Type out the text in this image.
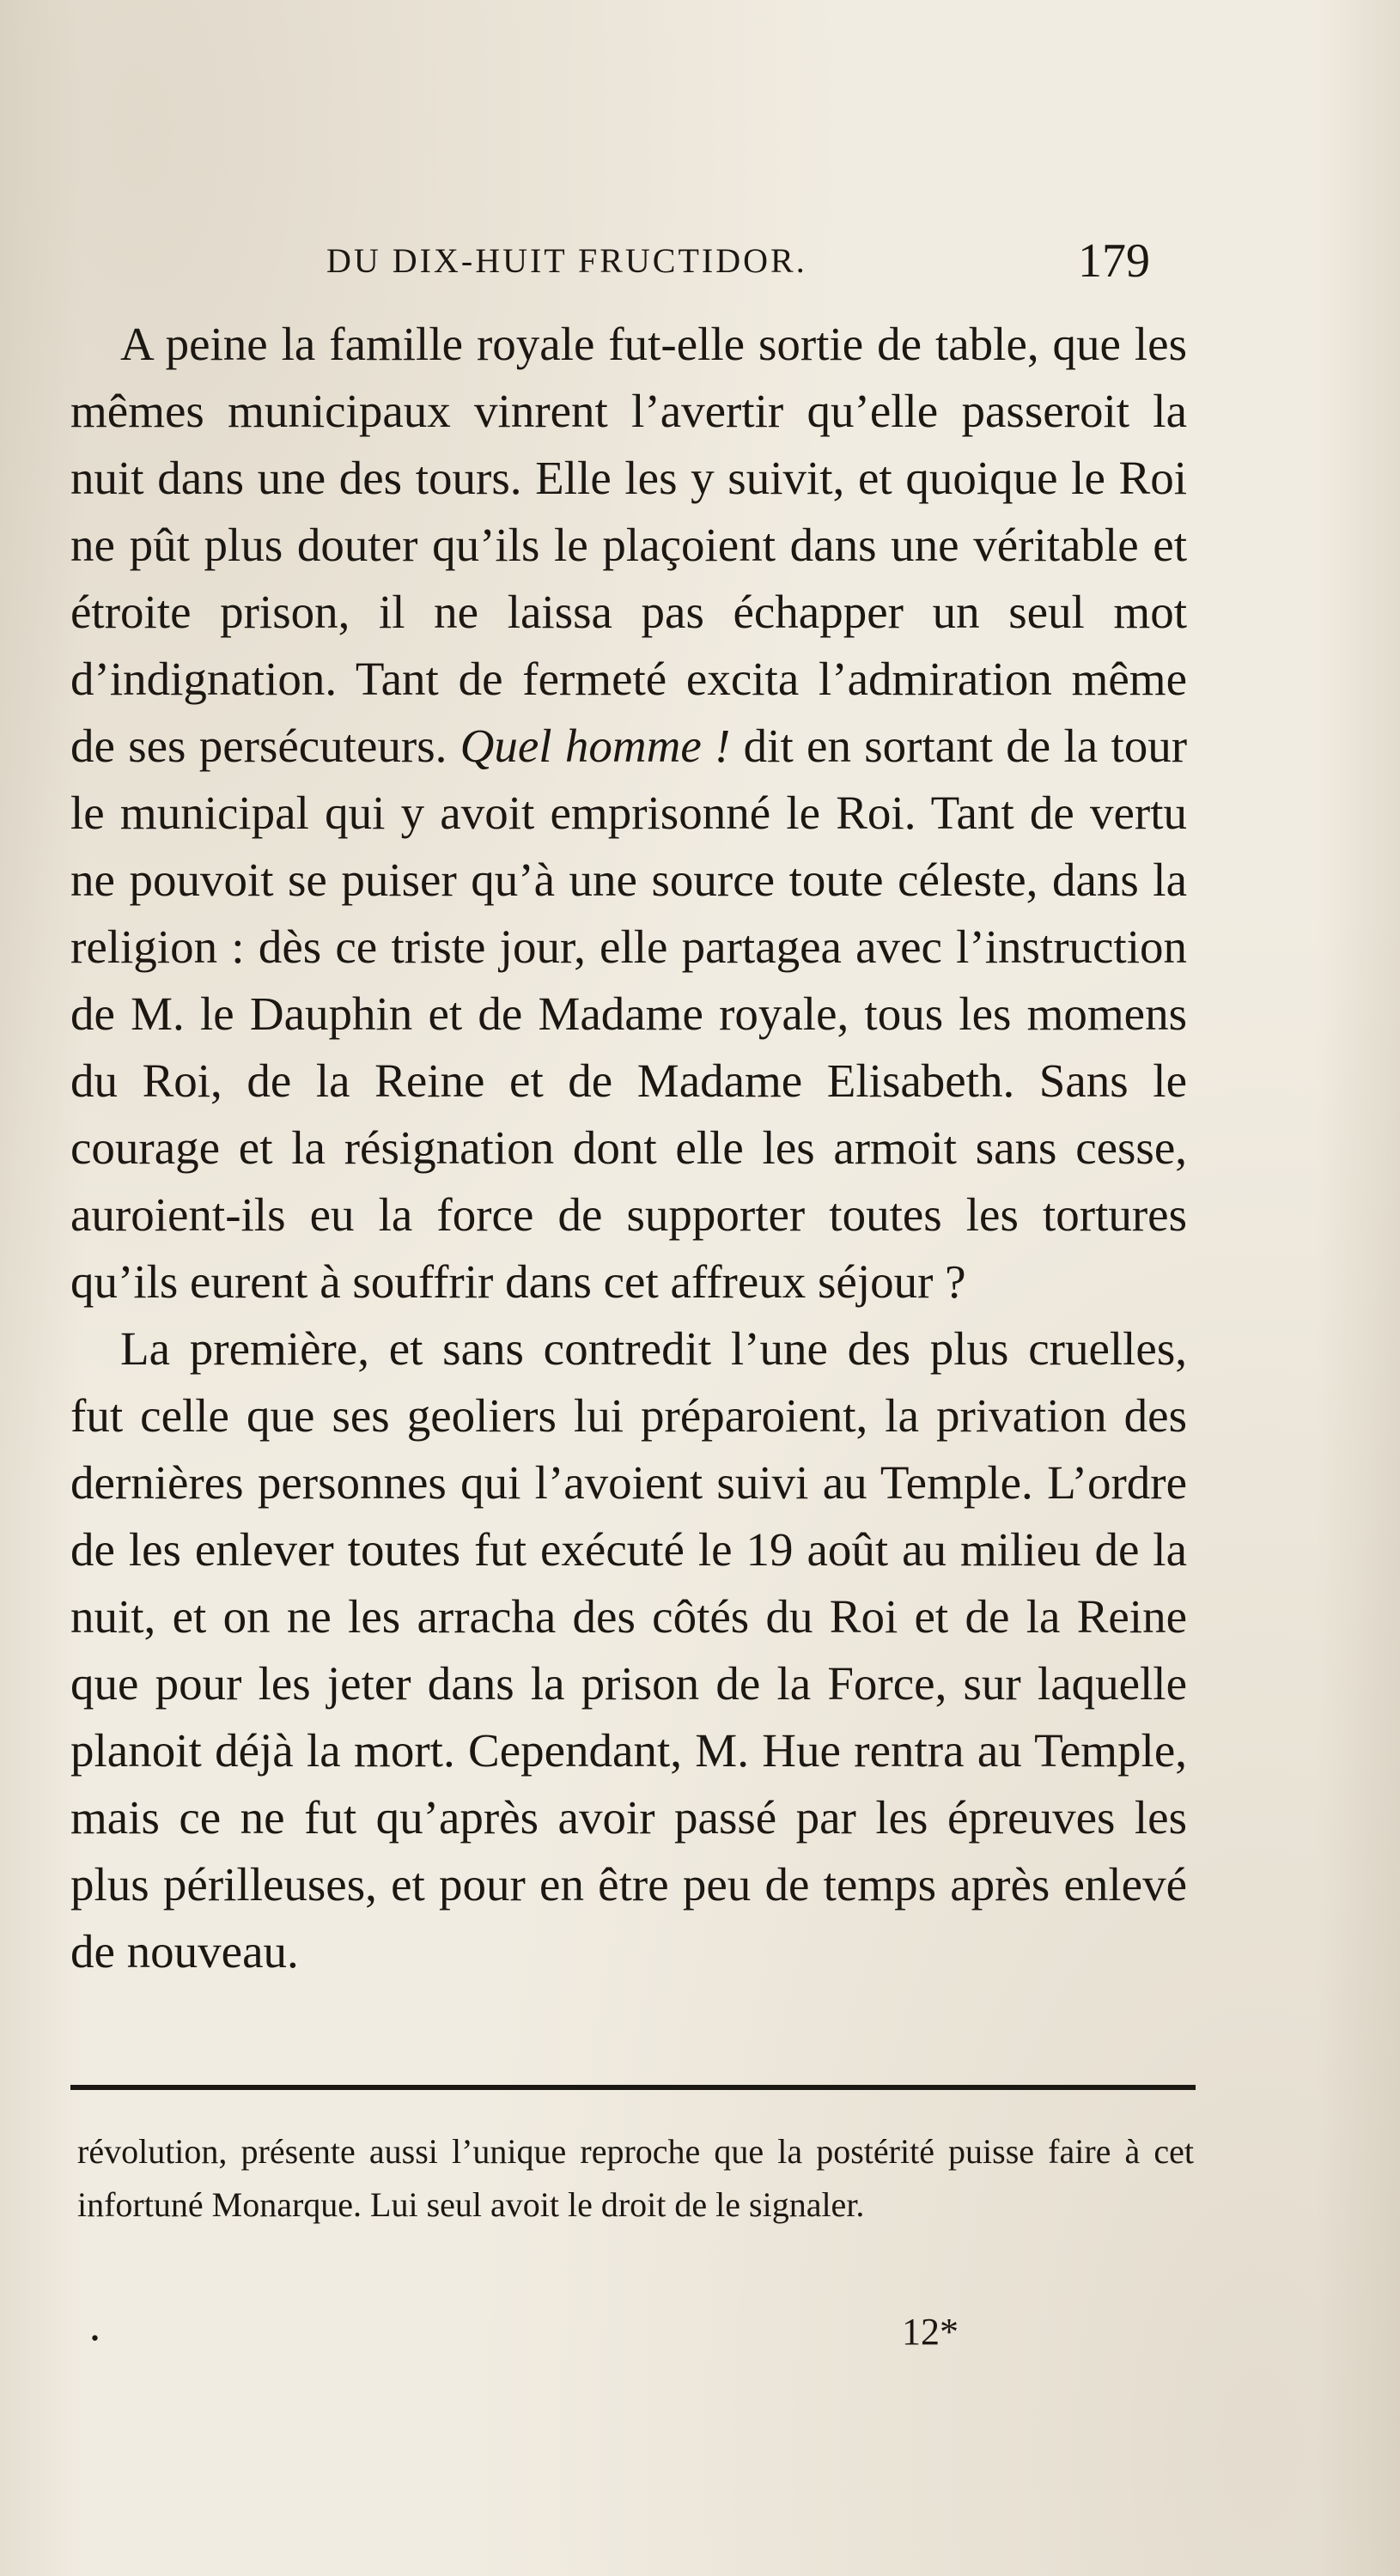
DU DIX-HUIT FRUCTIDOR.	179

A peine la famille royale fut-elle sortie de table, que les mêmes municipaux vinrent l’avertir qu’elle passeroit la nuit dans une des tours. Elle les y suivit, et quoique le Roi ne pût plus douter qu’ils le plaçoient dans une véritable et étroite prison, il ne laissa pas échapper un seul mot d’indignation. Tant de fermeté excita l’admiration même de ses persécuteurs. Quel homme ! dit en sortant de la tour le municipal qui y avoit emprisonné le Roi. Tant de vertu ne pouvoit se puiser qu’à une source toute céleste, dans la religion : dès ce triste jour, elle partagea avec l’instruction de M. le Dauphin et de Madame royale, tous les momens du Roi, de la Reine et de Madame Elisabeth. Sans le courage et la résignation dont elle les armoit sans cesse, auroient-ils eu la force de supporter toutes les tortures qu’ils eurent à souffrir dans cet affreux séjour ?

La première, et sans contredit l’une des plus cruelles, fut celle que ses geoliers lui préparoient, la privation des dernières personnes qui l’avoient suivi au Temple. L’ordre de les enlever toutes fut exécuté le 19 août au milieu de la nuit, et on ne les arracha des côtés du Roi et de la Reine que pour les jeter dans la prison de la Force, sur laquelle planoit déjà la mort. Cependant, M. Hue rentra au Temple, mais ce ne fut qu’après avoir passé par les épreuves les plus périlleuses, et pour en être peu de temps après enlevé de nouveau.

révolution, présente aussi l’unique reproche que la postérité puisse faire à cet infortuné Monarque. Lui seul avoit le droit de le signaler.

•	12*
